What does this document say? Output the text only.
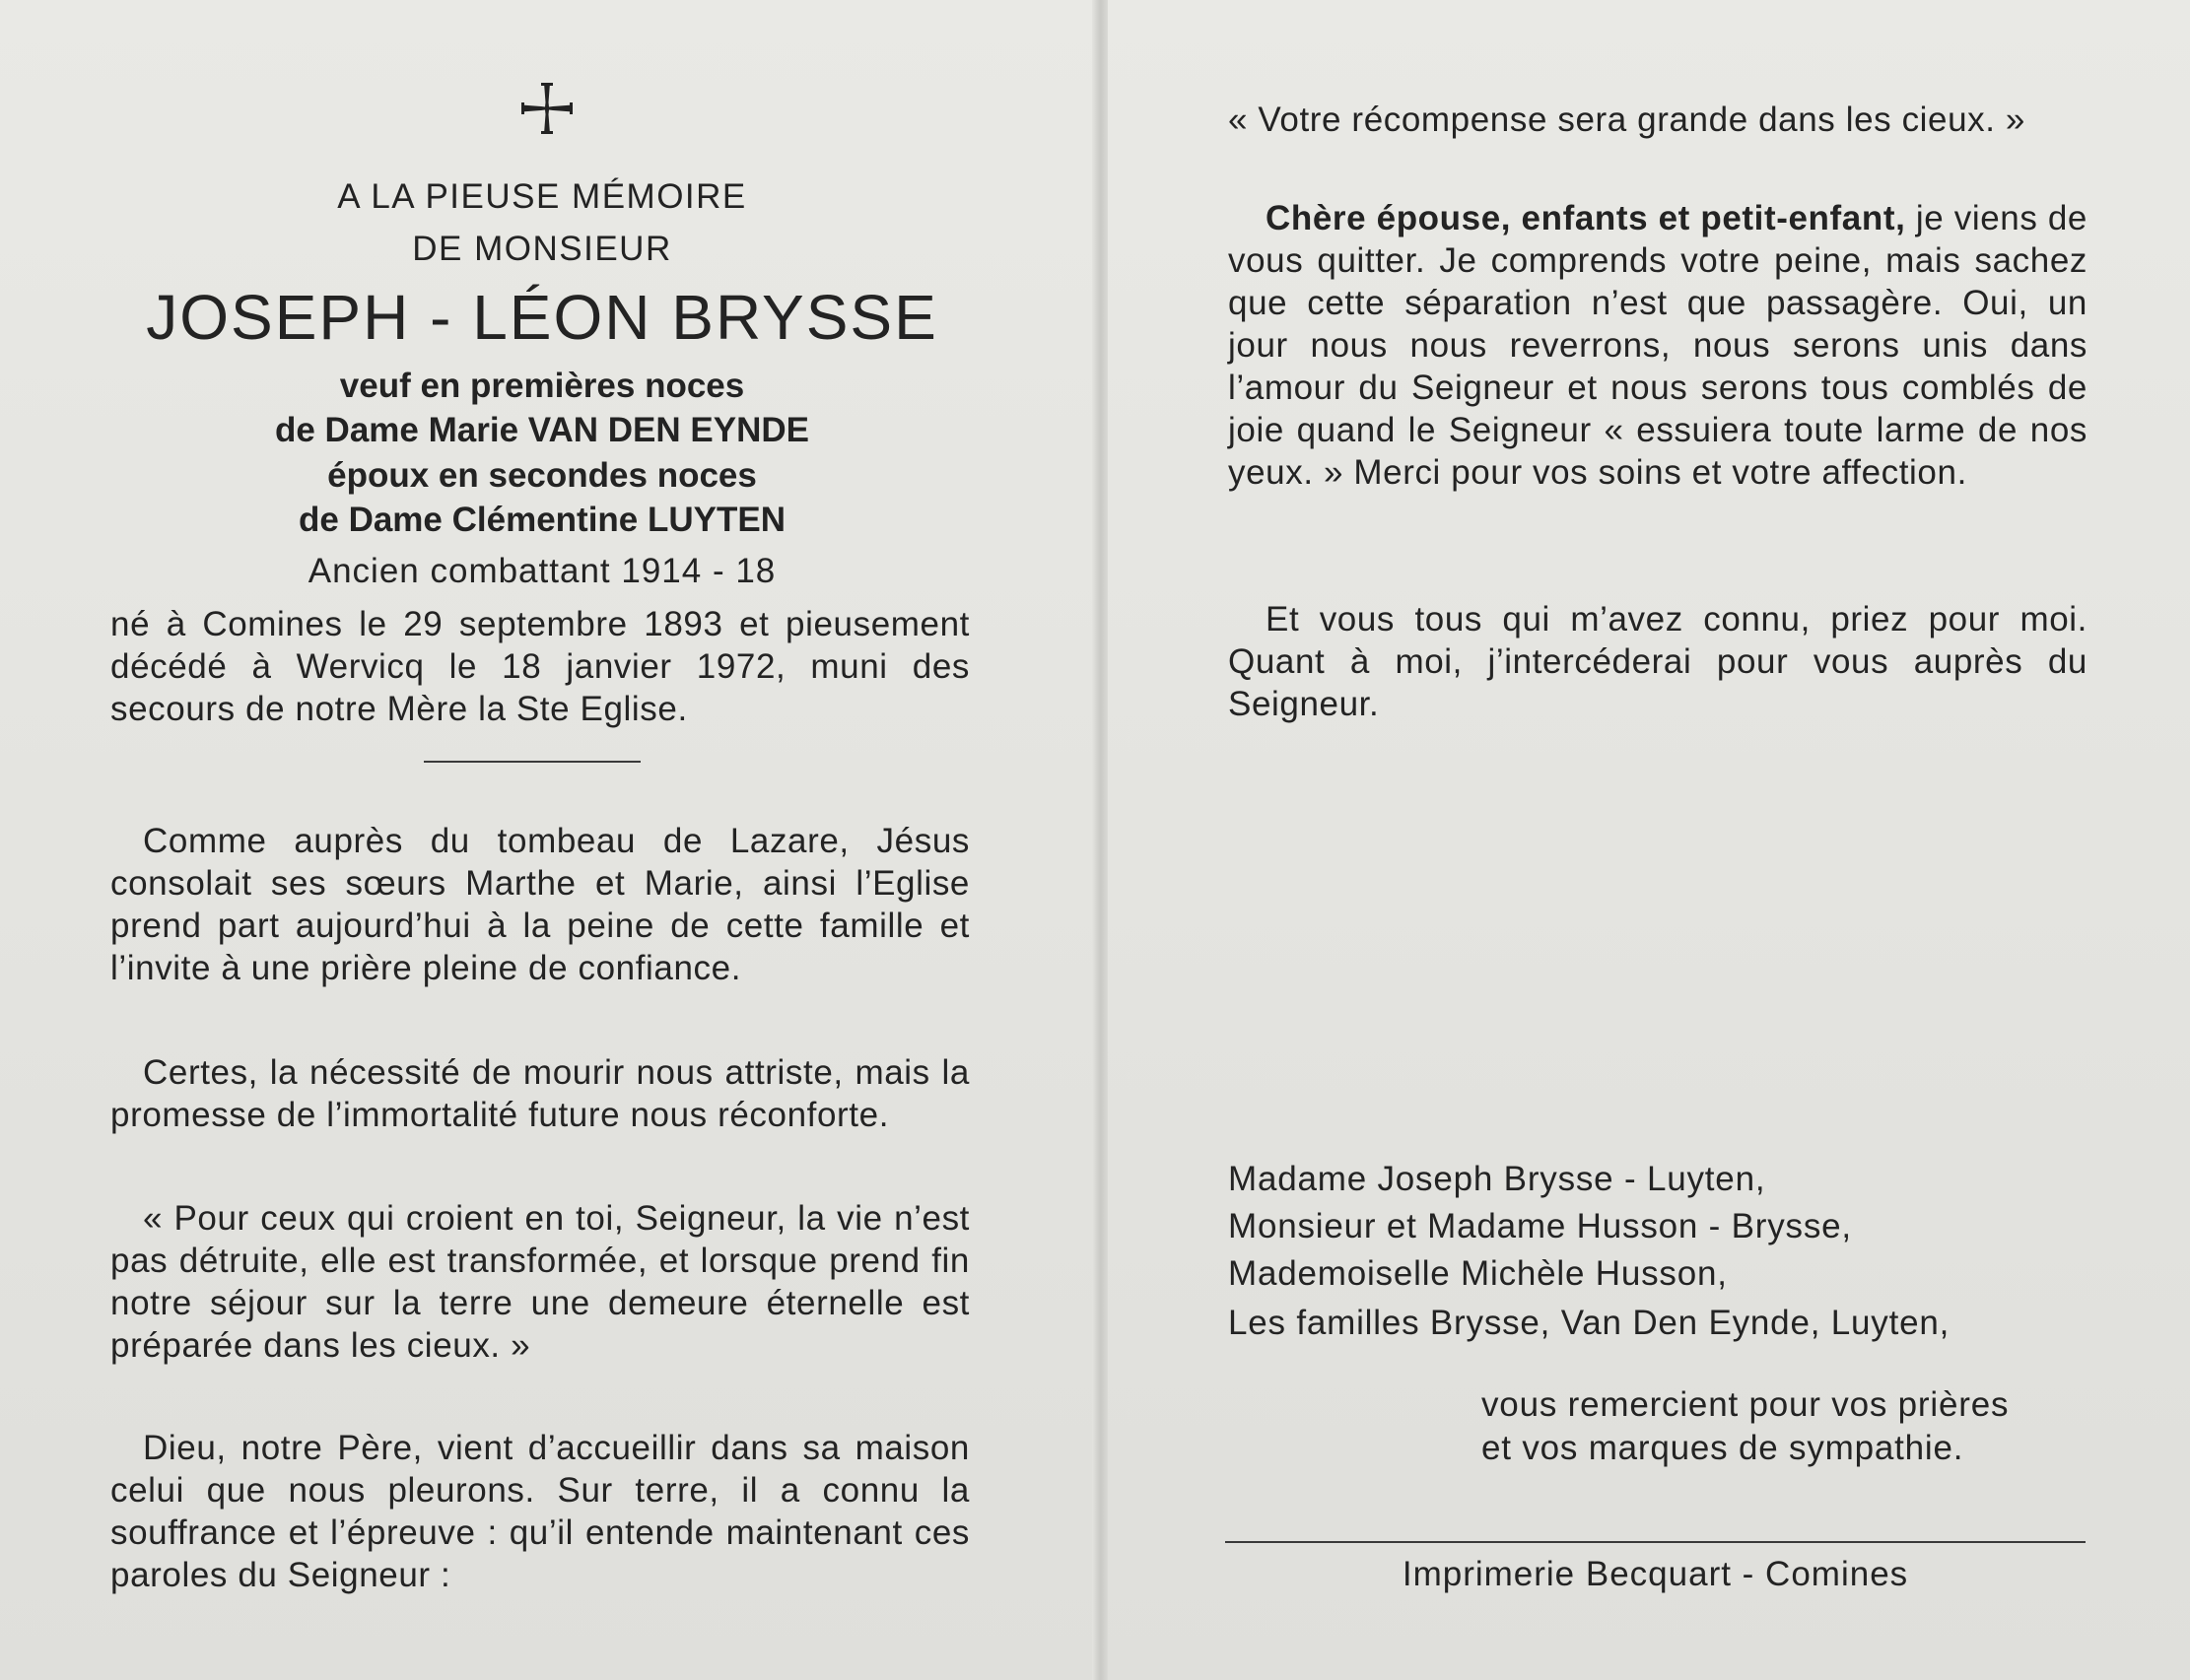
A LA PIEUSE MÉMOIRE
DE MONSIEUR
JOSEPH - LÉON BRYSSE
veuf en premières noces
de Dame Marie VAN DEN EYNDE
époux en secondes noces
de Dame Clémentine LUYTEN
Ancien combattant 1914 - 18
né à Comines le 29 septembre 1893 et pieusement décédé à Wervicq le 18 janvier 1972, muni des secours de notre Mère la Ste Eglise.
Comme auprès du tombeau de Lazare, Jésus consolait ses sœurs Marthe et Marie, ainsi l’Eglise prend part aujourd’hui à la peine de cette famille et l’invite à une prière pleine de confiance.
Certes, la nécessité de mourir nous attriste, mais la promesse de l’immortalité future nous réconforte.
« Pour ceux qui croient en toi, Seigneur, la vie n’est pas détruite, elle est transformée, et lorsque prend fin notre séjour sur la terre une demeure éternelle est préparée dans les cieux. »
Dieu, notre Père, vient d’accueillir dans sa maison celui que nous pleurons. Sur terre, il a connu la souffrance et l’épreuve : qu’il entende maintenant ces paroles du Seigneur :
« Votre récompense sera grande dans les cieux. »
Chère épouse, enfants et petit-enfant, je viens de vous quitter. Je comprends votre peine, mais sachez que cette séparation n’est que passagère. Oui, un jour nous nous reverrons, nous serons unis dans l’amour du Seigneur et nous serons tous comblés de joie quand le Seigneur « essuiera toute larme de nos yeux. » Merci pour vos soins et votre affection.
Et vous tous qui m’avez connu, priez pour moi. Quant à moi, j’intercéderai pour vous auprès du Seigneur.
Madame Joseph Brysse - Luyten,
Monsieur et Madame Husson - Brysse,
Mademoiselle Michèle Husson,
Les familles Brysse, Van Den Eynde, Luyten,
vous remercient pour vos prières
et vos marques de sympathie.
Imprimerie Becquart - Comines
